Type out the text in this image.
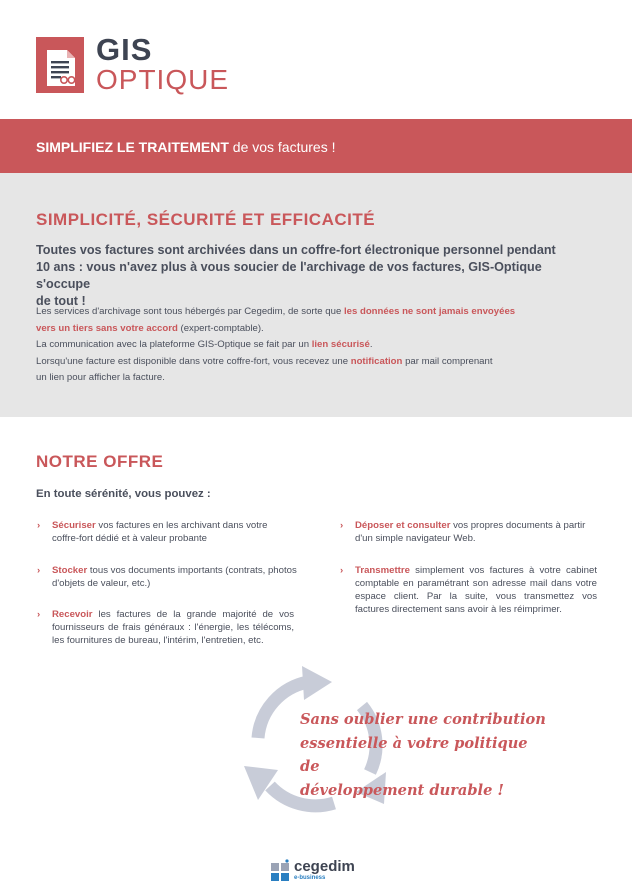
GIS
OPTIQUE
SIMPLIFIEZ LE TRAITEMENT de vos factures !
SIMPLICITÉ, SÉCURITÉ ET EFFICACITÉ
Toutes vos factures sont archivées dans un coffre-fort électronique personnel pendant
10 ans : vous n'avez plus à vous soucier de l'archivage de vos factures, GIS-Optique s'occupe
de tout !
Les services d'archivage sont tous hébergés par Cegedim, de sorte que les données ne sont jamais envoyées
vers un tiers sans votre accord (expert-comptable).
La communication avec la plateforme GIS-Optique se fait par un lien sécurisé.
Lorsqu'une facture est disponible dans votre coffre-fort, vous recevez une notification par mail comprenant
un lien pour afficher la facture.
NOTRE OFFRE
En toute sérénité, vous pouvez :
› Sécuriser vos factures en les archivant dans votre coffre-fort dédié et à valeur probante
› Stocker tous vos documents importants (contrats, photos d'objets de valeur, etc.)
› Recevoir les factures de la grande majorité de vos fournisseurs de frais généraux : l'énergie, les télécoms, les fournitures de bureau, l'intérim, l'entretien, etc.
› Déposer et consulter vos propres documents à partir d'un simple navigateur Web.
› Transmettre simplement vos factures à votre cabinet comptable en paramétrant son adresse mail dans votre espace client. Par la suite, vous transmettez vos factures directement sans avoir à les réimprimer.
Sans oublier une contribution
essentielle à votre politique de
développement durable !
cegedim
e-business
